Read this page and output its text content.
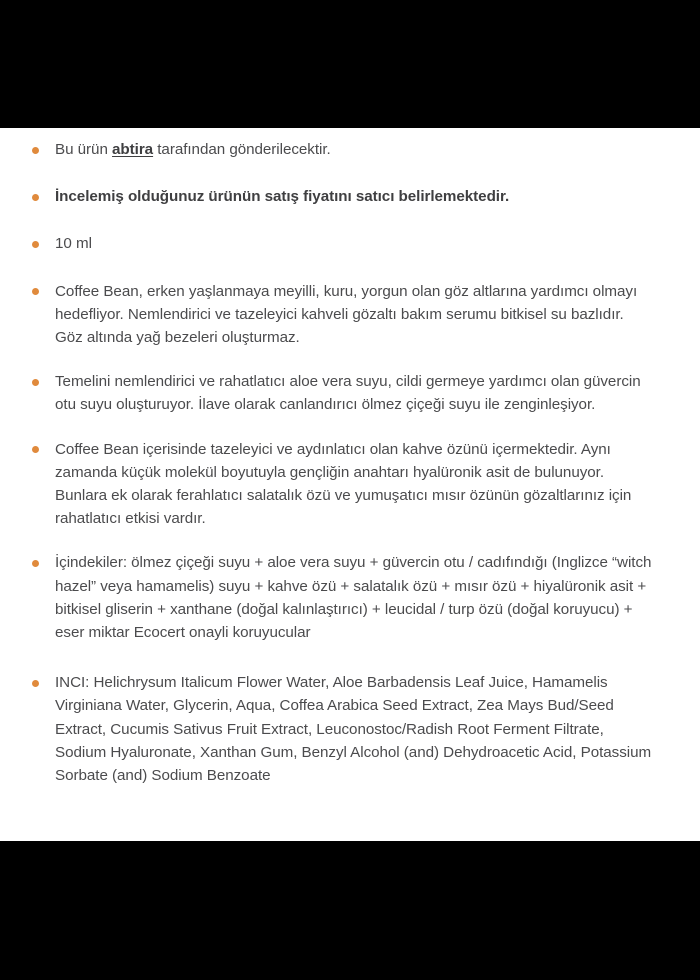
Bu ürün abtira tarafından gönderilecektir.
İncelemiş olduğunuz ürünün satış fiyatını satıcı belirlemektedir.
10 ml
Coffee Bean, erken yaşlanmaya meyilli, kuru, yorgun olan göz altlarına yardımcı olmayı hedefliyor. Nemlendirici ve tazeleyici kahveli gözaltı bakım serumu bitkisel su bazlıdır. Göz altında yağ bezeleri oluşturmaz.
Temelini nemlendirici ve rahatlatıcı aloe vera suyu, cildi germeye yardımcı olan güvercin otu suyu oluşturuyor. İlave olarak canlandırıcı ölmez çiçeği suyu ile zenginleşiyor.
Coffee Bean içerisinde tazeleyici ve aydınlatıcı olan kahve özünü içermektedir. Aynı zamanda küçük molekül boyutuyla gençliğin anahtarı hyalüronik asit de bulunuyor. Bunlara ek olarak ferahlatıcı salatalık özü ve yumuşatıcı mısır özünün gözaltlarınız için rahatlatıcı etkisi vardır.
İçindekiler: ölmez çiçeği suyu + aloe vera suyu + güvercin otu / cadıfındığı (Inglizce “witch hazel” veya hamamelis) suyu + kahve özü + salatalık özü + mısır özü + hiyalüronik asit + bitkisel gliserin + xanthane (doğal kalınlaştırıcı) + leucidal / turp özü (doğal koruyucu) + eser miktar Ecocert onayli koruyucular
INCI: Helichrysum Italicum Flower Water, Aloe Barbadensis Leaf Juice, Hamamelis Virginiana Water, Glycerin, Aqua, Coffea Arabica Seed Extract, Zea Mays Bud/Seed Extract, Cucumis Sativus Fruit Extract, Leuconostoc/Radish Root Ferment Filtrate, Sodium Hyaluronate, Xanthan Gum, Benzyl Alcohol (and) Dehydroacetic Acid, Potassium Sorbate (and) Sodium Benzoate
